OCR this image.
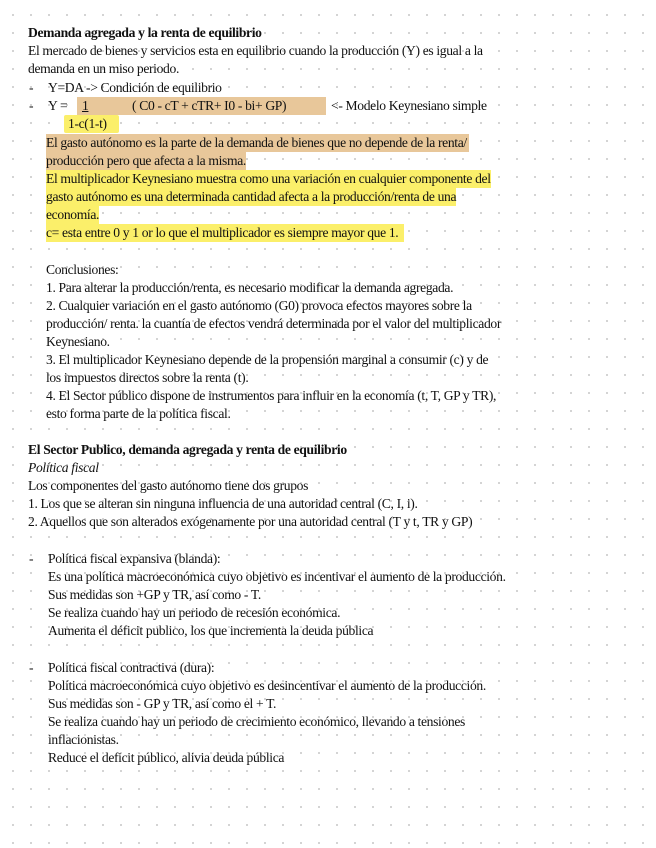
Demanda agregada y la renta de equilibrio
El mercado de bienes y servicios esta en equilibrio cuando la producción (Y) es igual a la
demanda en un miso periodo.
- Y=DA -> Condición de equilibrio
- Y =	1	( C0 - cT + cTR+ I0 - bi+ GP)	<- Modelo Keynesiano simple
1-c(1-t)
El gasto autónomo es la parte de la demanda de bienes que no depende de la renta/
producción pero que afecta a la misma.
El multiplicador Keynesiano muestra como una variación en cualquier componente del
gasto autónomo es una determinada cantidad afecta a la producción/renta de una
economía.
c= esta entre 0 y 1 or lo que el multiplicador es siempre mayor que 1.
Conclusiones:
1. Para alterar la producción/renta, es necesario modificar la demanda agregada.
2. Cualquier variación en el gasto autónomo (G0) provoca efectos mayores sobre la
producción/ renta. la cuantía de efectos vendrá determinada por el valor del multiplicador
Keynesiano.
3. El multiplicador Keynesiano depende de la propensión marginal a consumir (c) y de
los impuestos directos sobre la renta (t).
4. El Sector público dispone de instrumentos para influir en la economía (t, T, GP y TR),
esto forma parte de la política fiscal.
El Sector Publico, demanda agregada y renta de equilibrio
Política fiscal
Los componentes del gasto autónomo tiene dos grupos
1. Los que se alteran sin ninguna influencia de una autoridad central (C, I, i).
2. Aquellos que son alterados exógenamente por una autoridad central (T y t, TR y GP)
- Política fiscal expansiva (blanda):
Es una política macroeconómica cuyo objetivo es incentivar el aumento de la producción.
Sus medidas son +GP y TR, así como - T.
Se realiza cuando hay un periodo de recesión económica.
Aumenta el déficit publico, los que incrementa la deuda pública
- Política fiscal contractiva (dura):
Política macroeconómica cuyo objetivo es desincentivar el aumento de la producción.
Sus medidas son - GP y TR, así como el + T.
Se realiza cuando hay un periodo de crecimiento económico, llevando a tensiones
inflacionistas.
Reduce el deficit público, alivia deuda pública
